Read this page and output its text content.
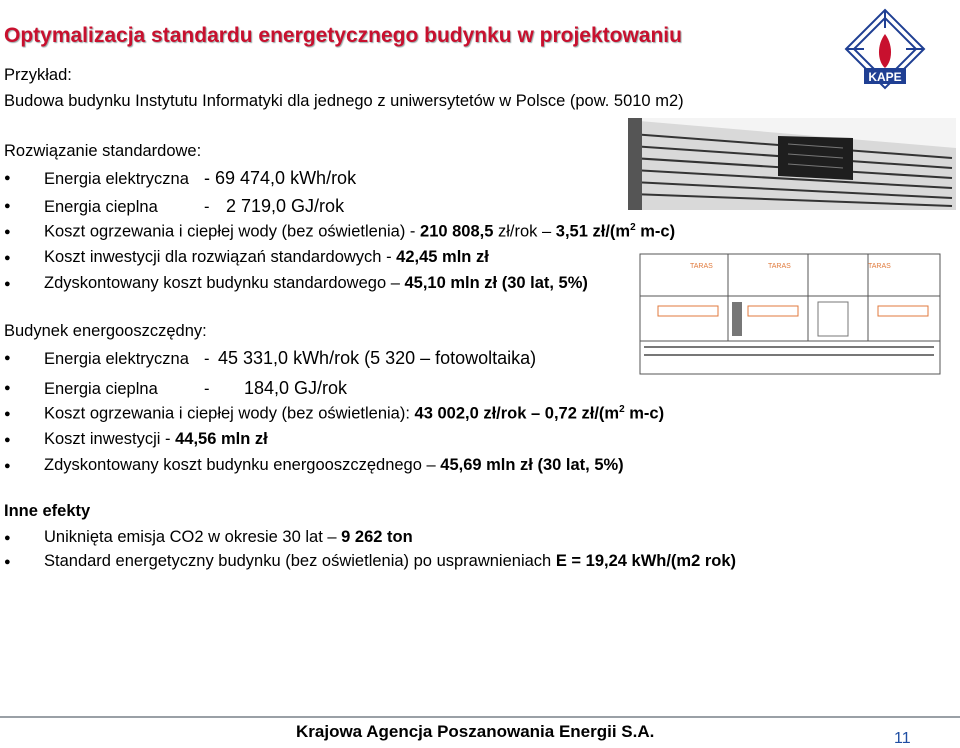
Optymalizacja standardu energetycznego budynku w projektowaniu
KAPE
Przykład:
Budowa budynku Instytutu Informatyki dla jednego z uniwersytetów w Polsce (pow. 5010 m2)
Rozwiązanie standardowe:
● Energia elektryczna - 69 474,0 kWh/rok
● Energia cieplna	- 2 719,0 GJ/rok
● Koszt ogrzewania i ciepłej wody (bez oświetlenia) - 210 808,5 zł/rok – 3,51 $zł/(m^2$ m-c)
● Koszt inwestycji dla rozwiązań standardowych - 42,45 mln zł
● Zdyskontowany koszt budynku standardowego – 45,10 mln zł (30 lat, 5%)
Budynek energooszczędny:
● Energia elektryczna - 45 331,0 kWh/rok (5 320 – fotowoltaika)
● Energia cieplna	- 184,0 GJ/rok
● Koszt ogrzewania i ciepłej wody (bez oświetlenia): 43 002,0 zł/rok – 0,72 $zł/(m^2$ m-c)
● Koszt inwestycji - 44,56 mln zł
● Zdyskontowany koszt budynku energooszczędnego – 45,69 mln zł (30 lat, 5%)
Inne efekty
● Uniknięta emisja CO2 w okresie 30 lat – 9 262 ton
● Standard energetyczny budynku (bez oświetlenia) po usprawnieniach E = 19,24 kWh/(m2 rok)
TARAS	TARAS	TARAS
Krajowa Agencja Poszanowania Energii S.A.	11
